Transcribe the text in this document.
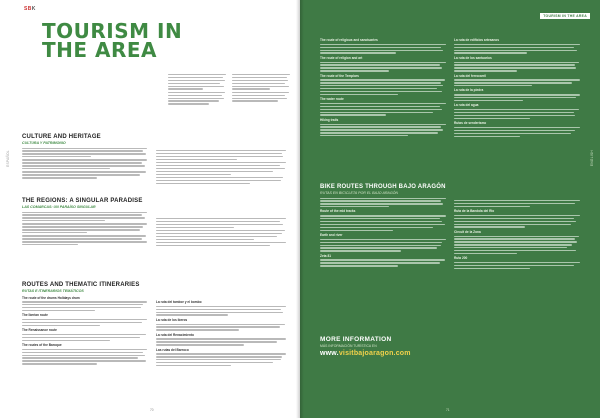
SBK
ESPAÑOL
TOURISM IN
THE AREA
CULTURE AND HERITAGE
CULTURA Y PATRIMONIO
THE REGIONS: A SINGULAR PARADISE
LAS COMARCAS: UN PARAÍSO SINGULAR
ROUTES AND THEMATIC ITINERARIES
RUTAS E ITINERARIOS TEMÁTICOS
The route of the drums Holidays drum
The Iberian route
The Renaissance route
The routes of the Baroque
La ruta del tambor y el bombo
La ruta de los iberos
La ruta del Renacimiento
Las rutas del Barroco
70
TOURISM IN THE AREA
ENGLISH
The route of religious and sanctuaries
The route of religion and art
The route of the Templars
The water route
Hiking trails
La ruta de edificios artesanos
La ruta de los santuarios
La ruta del ferrocarril
La ruta de la piedra
La ruta del agua
Rutas de senderismo
BIKE ROUTES THROUGH BAJO ARAGÓN
RUTAS EN BICICLETA POR EL BAJO ARAGÓN
Route of the mid tracks
Earth and river
Zeta 81
Ruta de la Bandola del Rio
Circuit de la Zona
Ruta 200
MORE INFORMATION
MÁS INFORMACIÓN TURÍSTICA EN
www.visitbajoaragon.com
71
